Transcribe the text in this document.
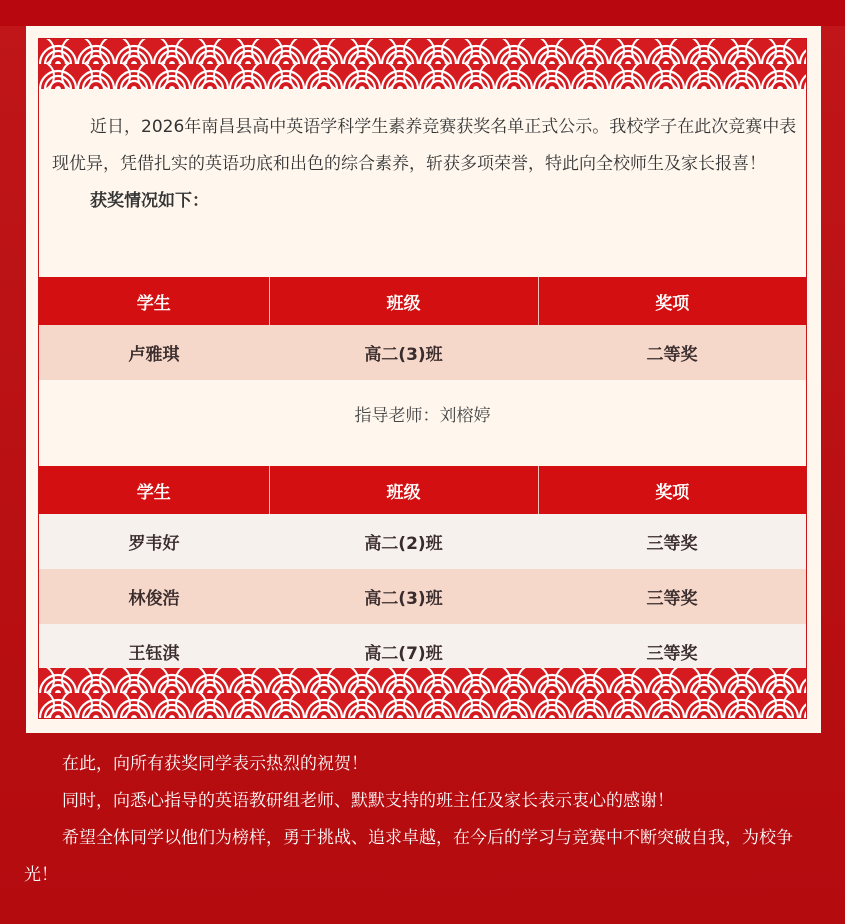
近日，2026年南昌县高中英语学科学生素养竞赛获奖名单正式公示。我校学子在此次竞赛中表现优异，凭借扎实的英语功底和出色的综合素养，斩获多项荣誉，特此向全校师生及家长报喜！

获奖情况如下：

学生	班级	奖项
卢雅琪	高二(3)班	二等奖
指导老师：刘榕婷
学生	班级	奖项
罗韦好	高二(2)班	三等奖
林俊浩	高二(3)班	三等奖
王钰淇	高二(7)班	三等奖

在此，向所有获奖同学表示热烈的祝贺！

同时，向悉心指导的英语教研组老师、默默支持的班主任及家长表示衷心的感谢！

希望全体同学以他们为榜样，勇于挑战、追求卓越，在今后的学习与竞赛中不断突破自我，为校争光！
